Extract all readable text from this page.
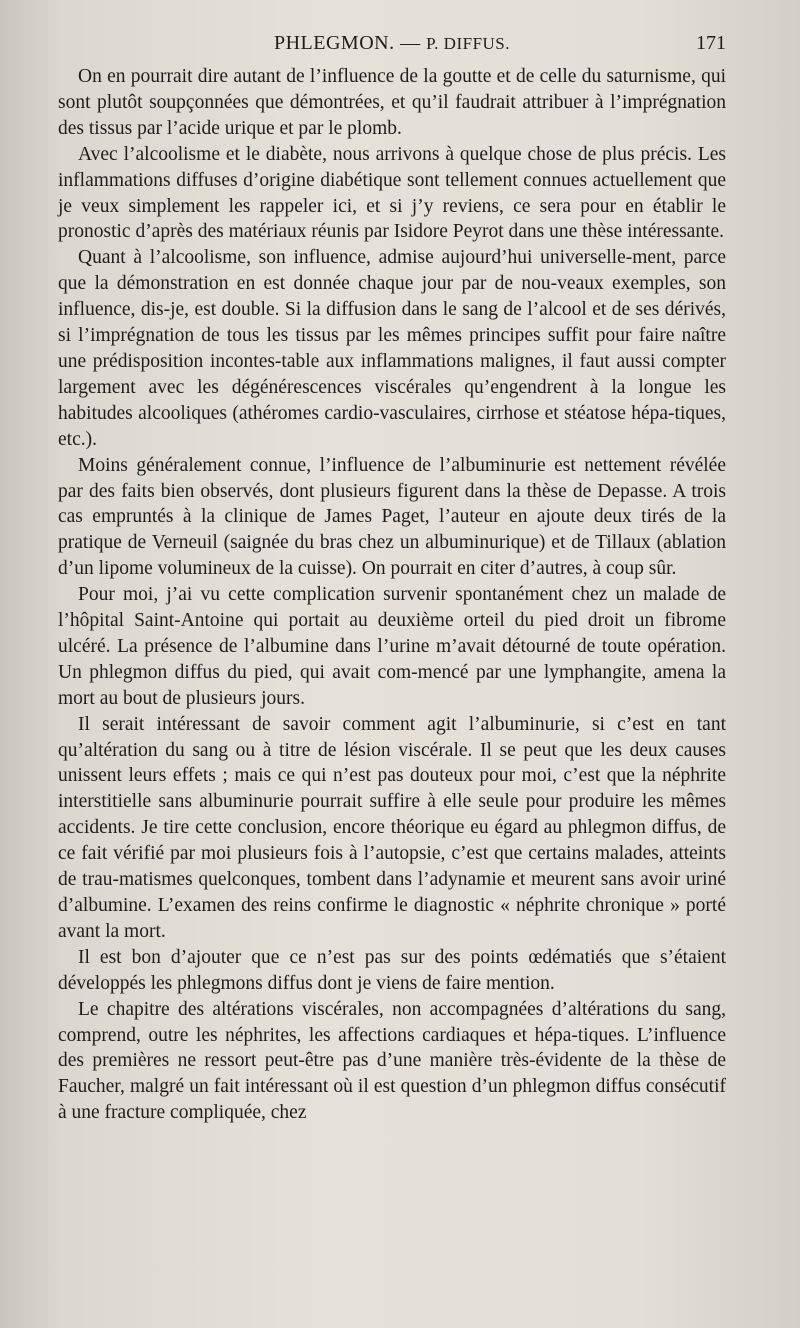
PHLEGMON. — P. DIFFUS.	171

On en pourrait dire autant de l’influence de la goutte et de celle du saturnisme, qui sont plutôt soupçonnées que démontrées, et qu’il faudrait attribuer à l’imprégnation des tissus par l’acide urique et par le plomb.

Avec l’alcoolisme et le diabète, nous arrivons à quelque chose de plus précis. Les inflammations diffuses d’origine diabétique sont tellement connues actuellement que je veux simplement les rappeler ici, et si j’y reviens, ce sera pour en établir le pronostic d’après des matériaux réunis par Isidore Peyrot dans une thèse intéressante.

Quant à l’alcoolisme, son influence, admise aujourd’hui universelle-ment, parce que la démonstration en est donnée chaque jour par de nou-veaux exemples, son influence, dis-je, est double. Si la diffusion dans le sang de l’alcool et de ses dérivés, si l’imprégnation de tous les tissus par les mêmes principes suffit pour faire naître une prédisposition incontes-table aux inflammations malignes, il faut aussi compter largement avec les dégénérescences viscérales qu’engendrent à la longue les habitudes alcooliques (athéromes cardio-vasculaires, cirrhose et stéatose hépa-tiques, etc.).

Moins généralement connue, l’influence de l’albuminurie est nettement révélée par des faits bien observés, dont plusieurs figurent dans la thèse de Depasse. A trois cas empruntés à la clinique de James Paget, l’auteur en ajoute deux tirés de la pratique de Verneuil (saignée du bras chez un albuminurique) et de Tillaux (ablation d’un lipome volumineux de la cuisse). On pourrait en citer d’autres, à coup sûr.

Pour moi, j’ai vu cette complication survenir spontanément chez un malade de l’hôpital Saint-Antoine qui portait au deuxième orteil du pied droit un fibrome ulcéré. La présence de l’albumine dans l’urine m’avait détourné de toute opération. Un phlegmon diffus du pied, qui avait com-mencé par une lymphangite, amena la mort au bout de plusieurs jours.

Il serait intéressant de savoir comment agit l’albuminurie, si c’est en tant qu’altération du sang ou à titre de lésion viscérale. Il se peut que les deux causes unissent leurs effets ; mais ce qui n’est pas douteux pour moi, c’est que la néphrite interstitielle sans albuminurie pourrait suffire à elle seule pour produire les mêmes accidents. Je tire cette conclusion, encore théorique eu égard au phlegmon diffus, de ce fait vérifié par moi plusieurs fois à l’autopsie, c’est que certains malades, atteints de trau-matismes quelconques, tombent dans l’adynamie et meurent sans avoir uriné d’albumine. L’examen des reins confirme le diagnostic « néphrite chronique » porté avant la mort.

Il est bon d’ajouter que ce n’est pas sur des points œdématiés que s’étaient développés les phlegmons diffus dont je viens de faire mention.

Le chapitre des altérations viscérales, non accompagnées d’altérations du sang, comprend, outre les néphrites, les affections cardiaques et hépa-tiques. L’influence des premières ne ressort peut-être pas d’une manière très-évidente de la thèse de Faucher, malgré un fait intéressant où il est question d’un phlegmon diffus consécutif à une fracture compliquée, chez
